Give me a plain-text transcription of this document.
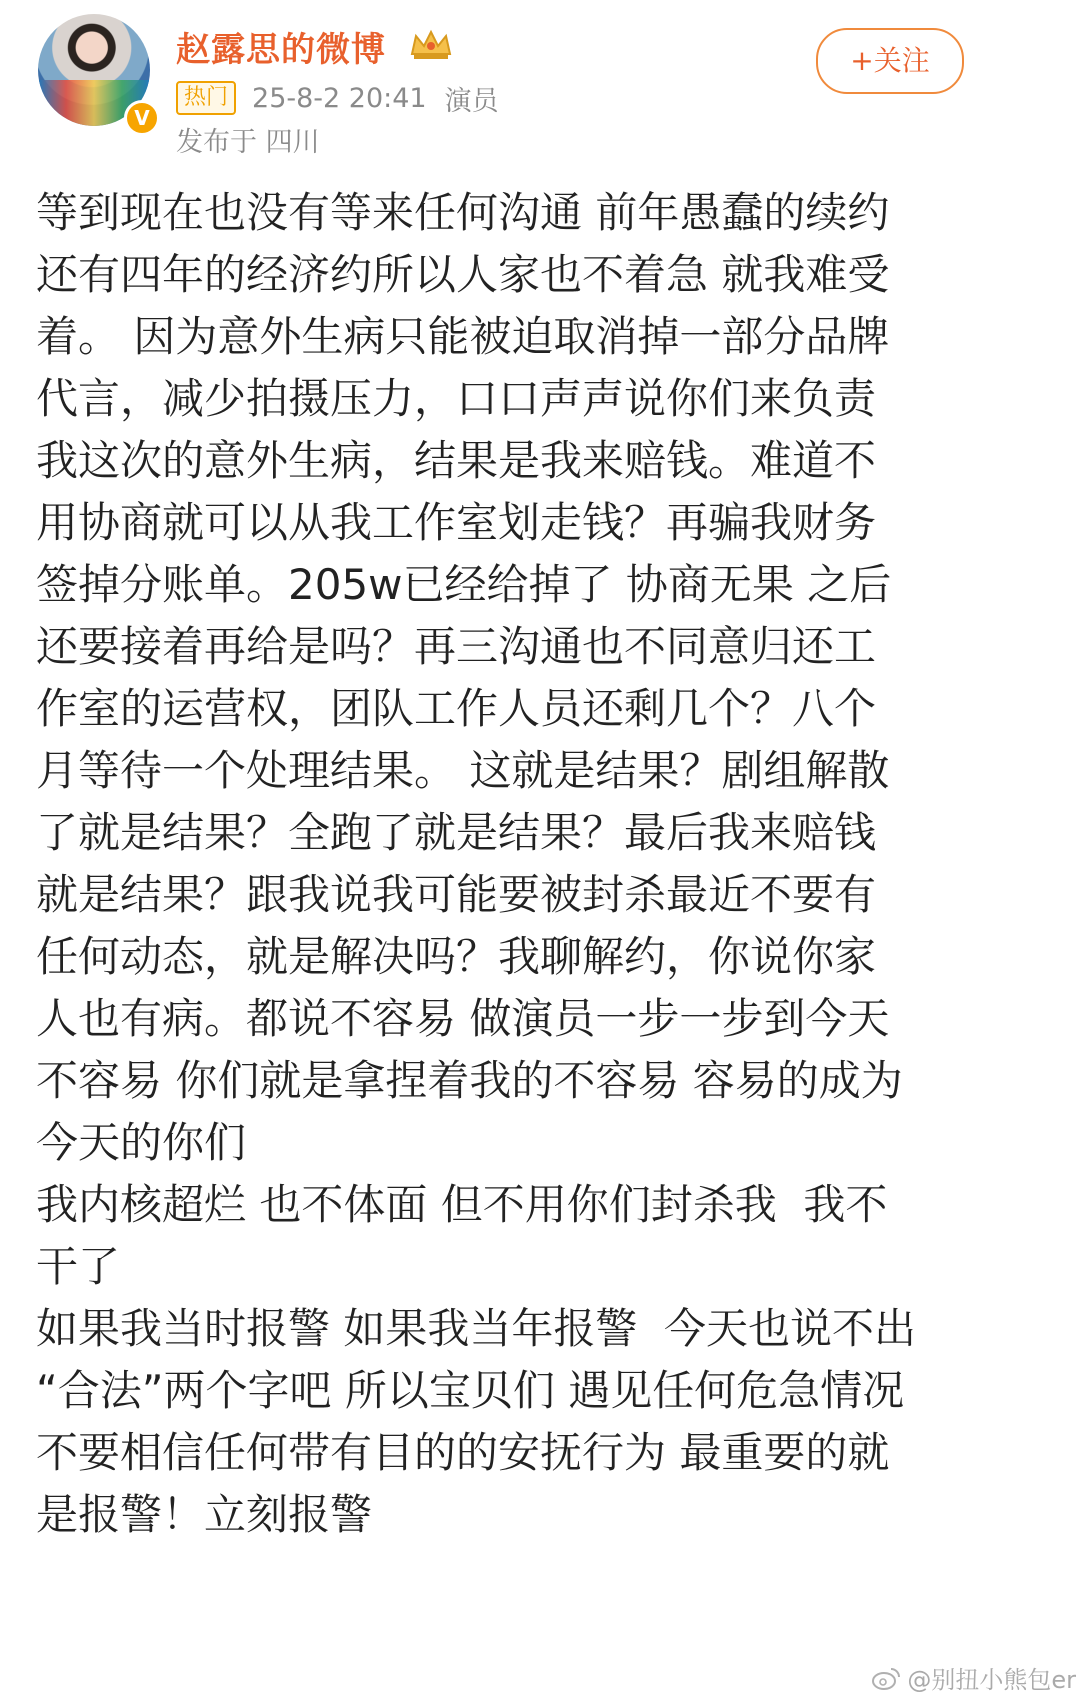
V
赵露思的微博
热门 25-8-2 20:41 演员
发布于 四川
+关注

等到现在也没有等来任何沟通 前年愚蠢的续约
还有四年的经济约所以人家也不着急 就我难受
着。 因为意外生病只能被迫取消掉一部分品牌
代言，减少拍摄压力，口口声声说你们来负责
我这次的意外生病，结果是我来赔钱。难道不
用协商就可以从我工作室划走钱？再骗我财务
签掉分账单。205w已经给掉了 协商无果 之后
还要接着再给是吗？再三沟通也不同意归还工
作室的运营权，团队工作人员还剩几个？八个
月等待一个处理结果。 这就是结果？剧组解散
了就是结果？全跑了就是结果？最后我来赔钱
就是结果？跟我说我可能要被封杀最近不要有
任何动态，就是解决吗？我聊解约，你说你家
人也有病。都说不容易 做演员一步一步到今天
不容易 你们就是拿捏着我的不容易 容易的成为
今天的你们

我内核超烂 也不体面 但不用你们封杀我  我不
干了

如果我当时报警 如果我当年报警  今天也说不出
“合法”两个字吧 所以宝贝们 遇见任何危急情况
不要相信任何带有目的的安抚行为 最重要的就
是报警！立刻报警

@别扭小熊包er
